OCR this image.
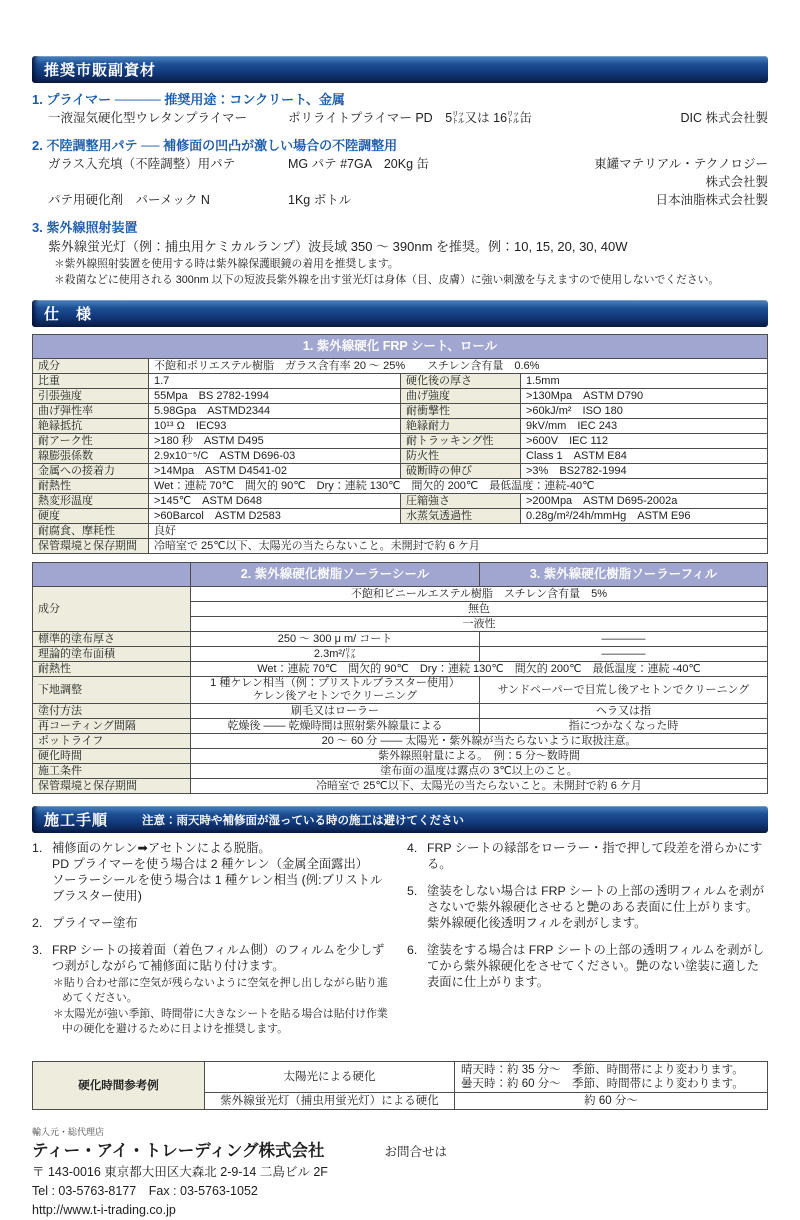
推奨市販副資材
1. プライマー ───── 推奨用途：コンクリート、金属
一液湿気硬化型ウレタンプライマー	ポリライトプライマー PD　5㍑又は 16㍑缶	DIC 株式会社製
2. 不陸調整用パテ ── 補修面の凹凸が激しい場合の不陸調整用
ガラス入充填（不陸調整）用パテ	MG パテ #7GA　20Kg 缶	東罐マテリアル・テクノロジー株式会社製
パテ用硬化剤　パーメック N	1Kg ボトル	日本油脂株式会社製
3. 紫外線照射装置
紫外線蛍光灯（例：捕虫用ケミカルランプ）波長域 350 ～ 390nm を推奨。例：10, 15, 20, 30, 40W
＊紫外線照射装置を使用する時は紫外線保護眼鏡の着用を推奨します。
＊殺菌などに使用される 300nm 以下の短波長紫外線を出す蛍光灯は身体（目、皮膚）に強い刺激を与えますので使用しないでください。
仕　様
1. 紫外線硬化 FRP シート、ロール			
成分	不飽和ポリエステル樹脂　ガラス含有率 20 ～ 25%　　スチレン含有量　0.6%		
比重	1.7	硬化後の厚さ	1.5mm
引張強度	55Mpa　BS 2782-1994	曲げ強度	>130Mpa　ASTM D790
曲げ弾性率	5.98Gpa　ASTMD2344	耐衝撃性	>60kJ/m²　ISO 180
絶縁抵抗	10¹³ Ω　IEC93	絶縁耐力	9kV/mm　IEC 243
耐アーク性	>180 秒　ASTM D495	耐トラッキング性	>600V　IEC 112
線膨張係数	2.9x10⁻⁵/C　ASTM D696-03	防火性	Class 1　ASTM E84
金属への接着力	>14Mpa　ASTM D4541-02	破断時の伸び	>3%　BS2782-1994
耐熱性	Wet：連続 70℃　間欠的 90℃　Dry：連続 130℃　間欠的 200℃　最低温度：連続-40℃		
熱変形温度	>145℃　ASTM D648	圧縮強さ	>200Mpa　ASTM D695-2002a
硬度	>60Barcol　ASTM D2583	水蒸気透過性	0.28g/m²/24h/mmHg　ASTM E96
耐腐食、摩耗性	良好		
保管環境と保存期間	冷暗室で 25℃以下、太陽光の当たらないこと。未開封で約 6 ケ月		
	2. 紫外線硬化樹脂ソーラーシール	3. 紫外線硬化樹脂ソーラーフィル
成分	不飽和ビニールエステル樹脂　スチレン含有量　5%	
	無色	
	一液性	
標準的塗布厚さ	250 ～ 300 μ m/ コート	————
理論的塗布面積	2.3m²/㍑	————
耐熱性	Wet：連続 70℃　間欠的 90℃　Dry：連続 130℃　間欠的 200℃　最低温度：連続 -40℃	
下地調整	1 種ケレン相当（例：ブリストルブラスター使用）
ケレン後アセトンでクリーニング	サンドペーパーで目荒し後アセトンでクリーニング
塗付方法	刷毛又はローラー	ヘラ又は指
再コーティング間隔	乾燥後 ―― 乾燥時間は照射紫外線量による	指につかなくなった時
ポットライフ	20 ～ 60 分 ―― 太陽光・紫外線が当たらないように取扱注意。	
硬化時間	紫外線照射量による。　例：5 分～数時間	
施工条件	塗布面の温度は露点の 3℃以上のこと。	
保管環境と保存期間	冷暗室で 25℃以下、太陽光の当たらないこと。未開封で約 6 ケ月	
施工手順	注意：雨天時や補修面が湿っている時の施工は避けてください
1. 補修面のケレン➡アセトンによる脱脂。
PD プライマーを使う場合は 2 種ケレン（金属全面露出）
ソーラーシールを使う場合は 1 種ケレン相当 (例:ブリストルブラスター使用)
2. プライマー塗布
3. FRP シートの接着面（着色フィルム側）のフィルムを少しずつ剥がしながらて補修面に貼り付けます。
＊貼り合わせ部に空気が残らないように空気を押し出しながら貼り進めてください。
＊太陽光が強い季節、時間帯に大きなシートを貼る場合は貼付け作業中の硬化を避けるために日よけを推奨します。
4. FRP シートの縁部をローラー・指で押して段差を滑らかにする。
5. 塗装をしない場合は FRP シートの上部の透明フィルムを剥がさないで紫外線硬化させると艶のある表面に仕上がります。
紫外線硬化後透明フィルを剥がします。
6. 塗装をする場合は FRP シートの上部の透明フィルムを剥がしてから紫外線硬化をさせてください。艶のない塗装に適した表面に仕上がります。
硬化時間参考例	太陽光による硬化	晴天時：約 35 分～　季節、時間帯により変わります。
曇天時：約 60 分～　季節、時間帯により変わります。

	紫外線蛍光灯（捕虫用蛍光灯）による硬化	約 60 分～
輸入元・総代理店
ティー・アイ・トレーディング株式会社	お問合せは
〒 143-0016 東京都大田区大森北 2-9-14 二島ビル 2F
Tel : 03-5763-8177　Fax : 03-5763-1052
http://www.t-i-trading.co.jp
